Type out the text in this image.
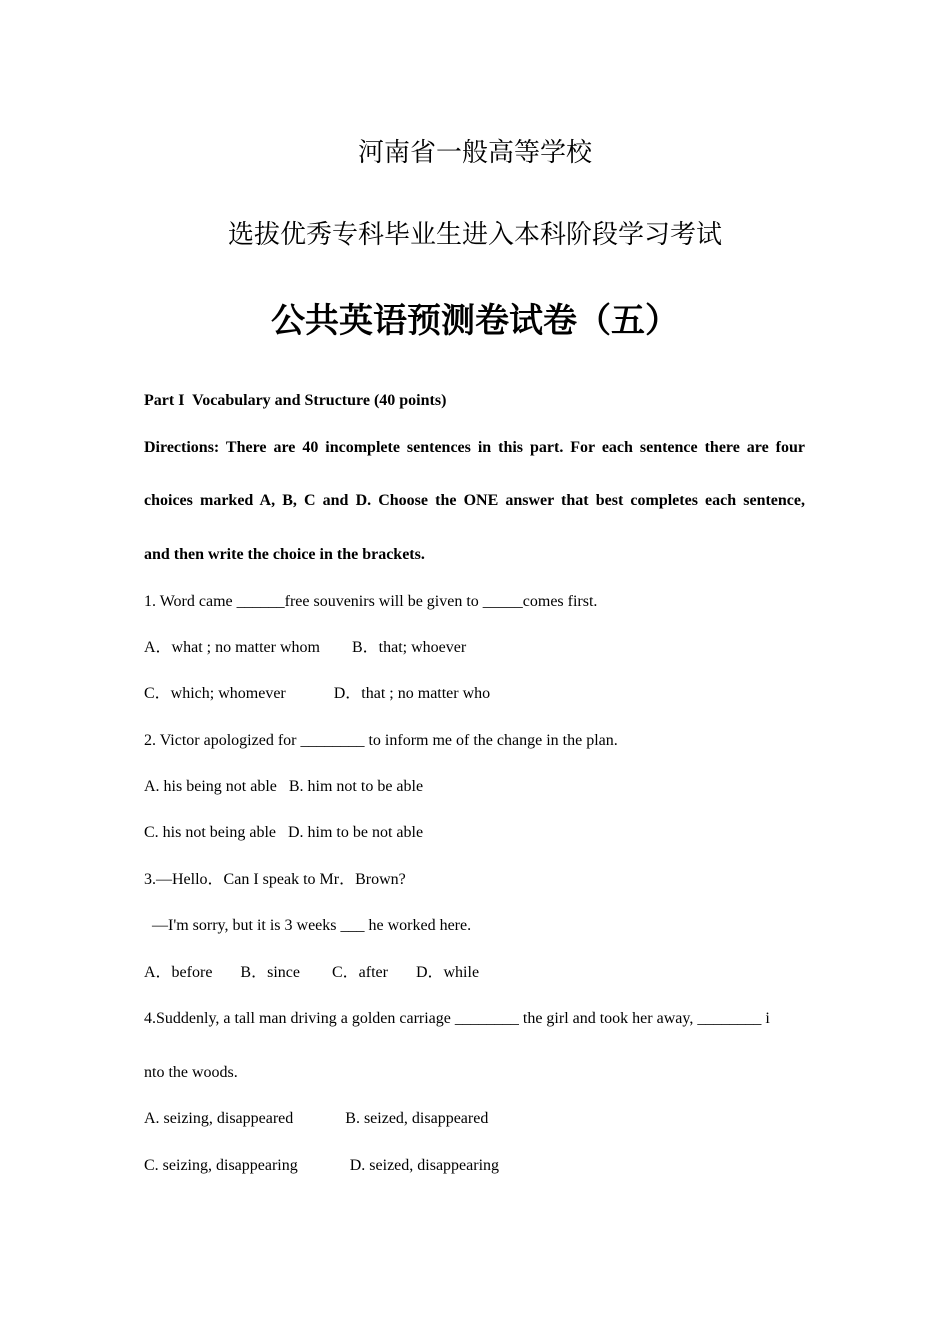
河南省一般高等学校
选拔优秀专科毕业生进入本科阶段学习考试
公共英语预测卷试卷（五）
Part I  Vocabulary and Structure (40 points)
Directions: There are 40 incomplete sentences in this part. For each sentence there are four
choices marked A, B, C and D. Choose the ONE answer that best completes each sentence,
and then write the choice in the brackets.
1. Word came ______free souvenirs will be given to _____comes first.
A．what ; no matter whom        B．that; whoever
C．which; whomever            D．that ; no matter who
2. Victor apologized for ________ to inform me of the change in the plan.
A. his being not able   B. him not to be able
C. his not being able   D. him to be not able
3.—Hello．Can I speak to Mr．Brown?
—I'm sorry, but it is 3 weeks ___ he worked here.
A．before       B．since        C．after       D．while
4.Suddenly, a tall man driving a golden carriage ________ the girl and took her away, ________ i
nto the woods.
A. seizing, disappeared             B. seized, disappeared
C. seizing, disappearing             D. seized, disappearing
